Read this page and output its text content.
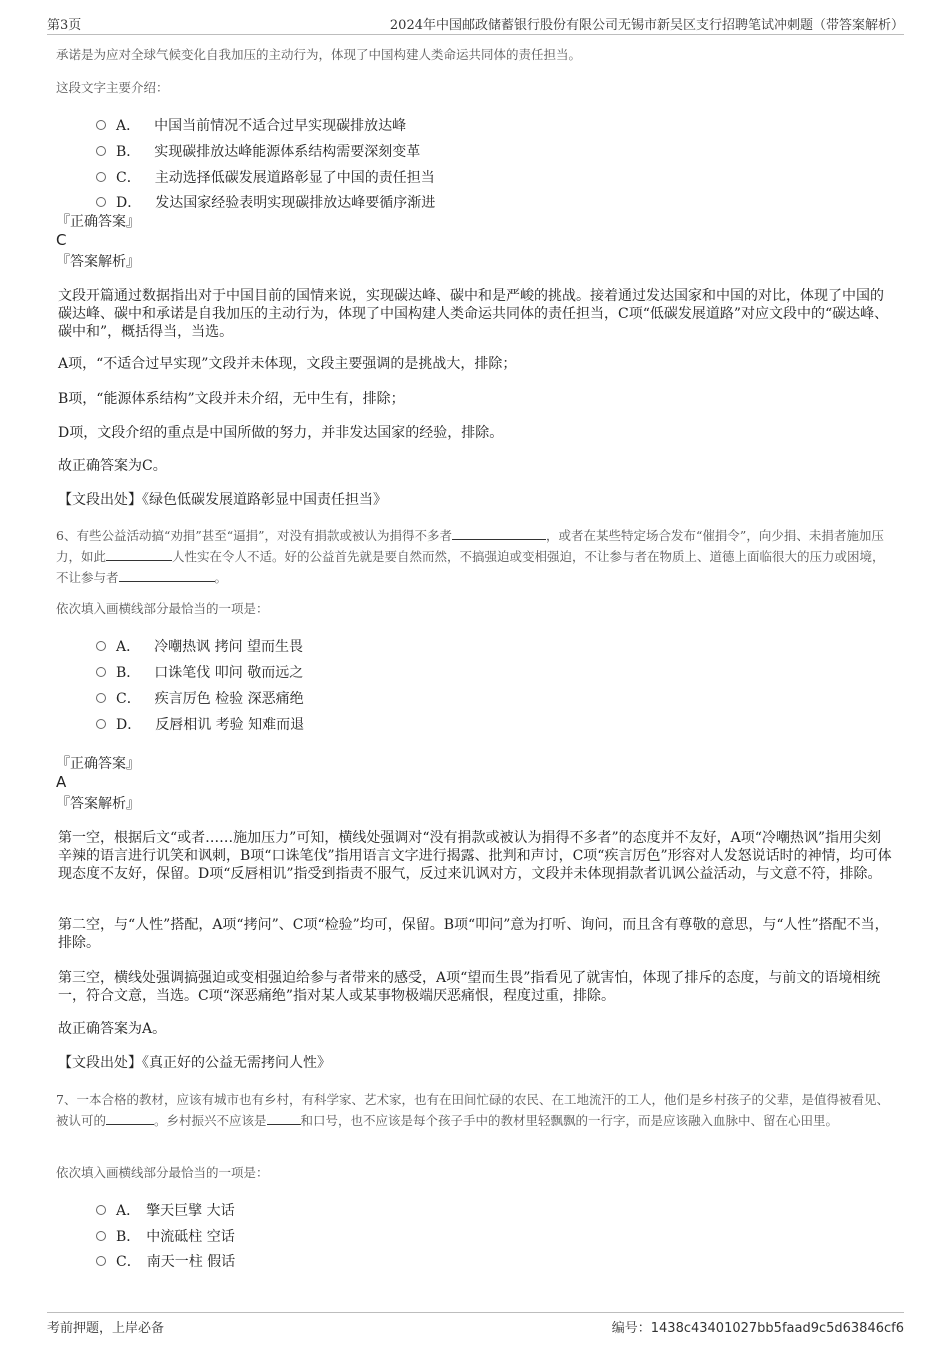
第3页	2024年中国邮政储蓄银行股份有限公司无锡市新吴区支行招聘笔试冲刺题（带答案解析）

承诺是为应对全球气候变化自我加压的主动行为，体现了中国构建人类命运共同体的责任担当。

这段文字主要介绍：

A． 中国当前情况不适合过早实现碳排放达峰
B． 实现碳排放达峰能源体系结构需要深刻变革
C． 主动选择低碳发展道路彰显了中国的责任担当
D． 发达国家经验表明实现碳排放达峰要循序渐进
『正确答案』
C
『答案解析』

文段开篇通过数据指出对于中国目前的国情来说，实现碳达峰、碳中和是严峻的挑战。接着通过发达国家和中国的对比，体现了中国的碳达峰、碳中和承诺是自我加压的主动行为，体现了中国构建人类命运共同体的责任担当，C项“低碳发展道路”对应文段中的“碳达峰、碳中和”，概括得当，当选。

A项，“不适合过早实现”文段并未体现，文段主要强调的是挑战大，排除；

B项，“能源体系结构”文段并未介绍，无中生有，排除；

D项，文段介绍的重点是中国所做的努力，并非发达国家的经验，排除。

故正确答案为C。

【文段出处】《绿色低碳发展道路彰显中国责任担当》

6、有些公益活动搞“劝捐”甚至“逼捐”，对没有捐款或被认为捐得不多者	，或者在某些特定场合发布“催捐令”，向少捐、未捐者施加压力，如此	人性实在令人不适。好的公益首先就是要自然而然，不搞强迫或变相强迫，不让参与者在物质上、道德上面临很大的压力或困境，不让参与者	。

依次填入画横线部分最恰当的一项是：

A． 冷嘲热讽 拷问 望而生畏
B． 口诛笔伐 叩问 敬而远之
C． 疾言厉色 检验 深恶痛绝
D． 反唇相讥 考验 知难而退
『正确答案』
A
『答案解析』

第一空，根据后文“或者……施加压力”可知，横线处强调对“没有捐款或被认为捐得不多者”的态度并不友好，A项“冷嘲热讽”指用尖刻辛辣的语言进行讥笑和讽刺，B项“口诛笔伐”指用语言文字进行揭露、批判和声讨，C项“疾言厉色”形容对人发怒说话时的神情，均可体现态度不友好，保留。D项“反唇相讥”指受到指责不服气，反过来讥讽对方，文段并未体现捐款者讥讽公益活动，与文意不符，排除。

第二空，与“人性”搭配，A项“拷问”、C项“检验”均可，保留。B项“叩问”意为打听、询问，而且含有尊敬的意思，与“人性”搭配不当，排除。

第三空，横线处强调搞强迫或变相强迫给参与者带来的感受，A项“望而生畏”指看见了就害怕，体现了排斥的态度，与前文的语境相统一，符合文意，当选。C项“深恶痛绝”指对某人或某事物极端厌恶痛恨，程度过重，排除。

故正确答案为A。

【文段出处】《真正好的公益无需拷问人性》

7、一本合格的教材，应该有城市也有乡村，有科学家、艺术家，也有在田间忙碌的农民、在工地流汗的工人，他们是乡村孩子的父辈，是值得被看见、被认可的	。乡村振兴不应该是	和口号，也不应该是每个孩子手中的教材里轻飘飘的一行字，而是应该融入血脉中、留在心田里。

依次填入画横线部分最恰当的一项是：

A． 擎天巨擘 大话
B． 中流砥柱 空话
C． 南天一柱 假话
考前押题，上岸必备	编号：1438c43401027bb5faad9c5d63846cf6
